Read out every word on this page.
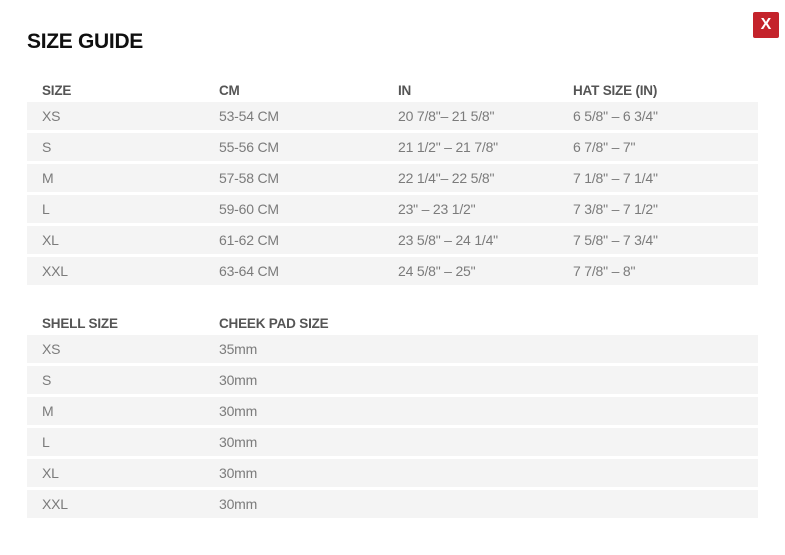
SIZE GUIDE
X
SIZE	CM	IN	HAT SIZE (IN)
XS	53-54 CM	20 7/8"– 21 5/8"	6 5/8" – 6 3/4"
S	55-56 CM	21 1/2" – 21 7/8"	6 7/8" – 7"
M	57-58 CM	22 1/4"– 22 5/8"	7 1/8" – 7 1/4"
L	59-60 CM	23" – 23 1/2"	7 3/8" – 7 1/2"
XL	61-62 CM	23 5/8" – 24 1/4"	7 5/8" – 7 3/4"
XXL	63-64 CM	24 5/8" – 25"	7 7/8" – 8"
SHELL SIZE	CHEEK PAD SIZE
XS	35mm
S	30mm
M	30mm
L	30mm
XL	30mm
XXL	30mm
